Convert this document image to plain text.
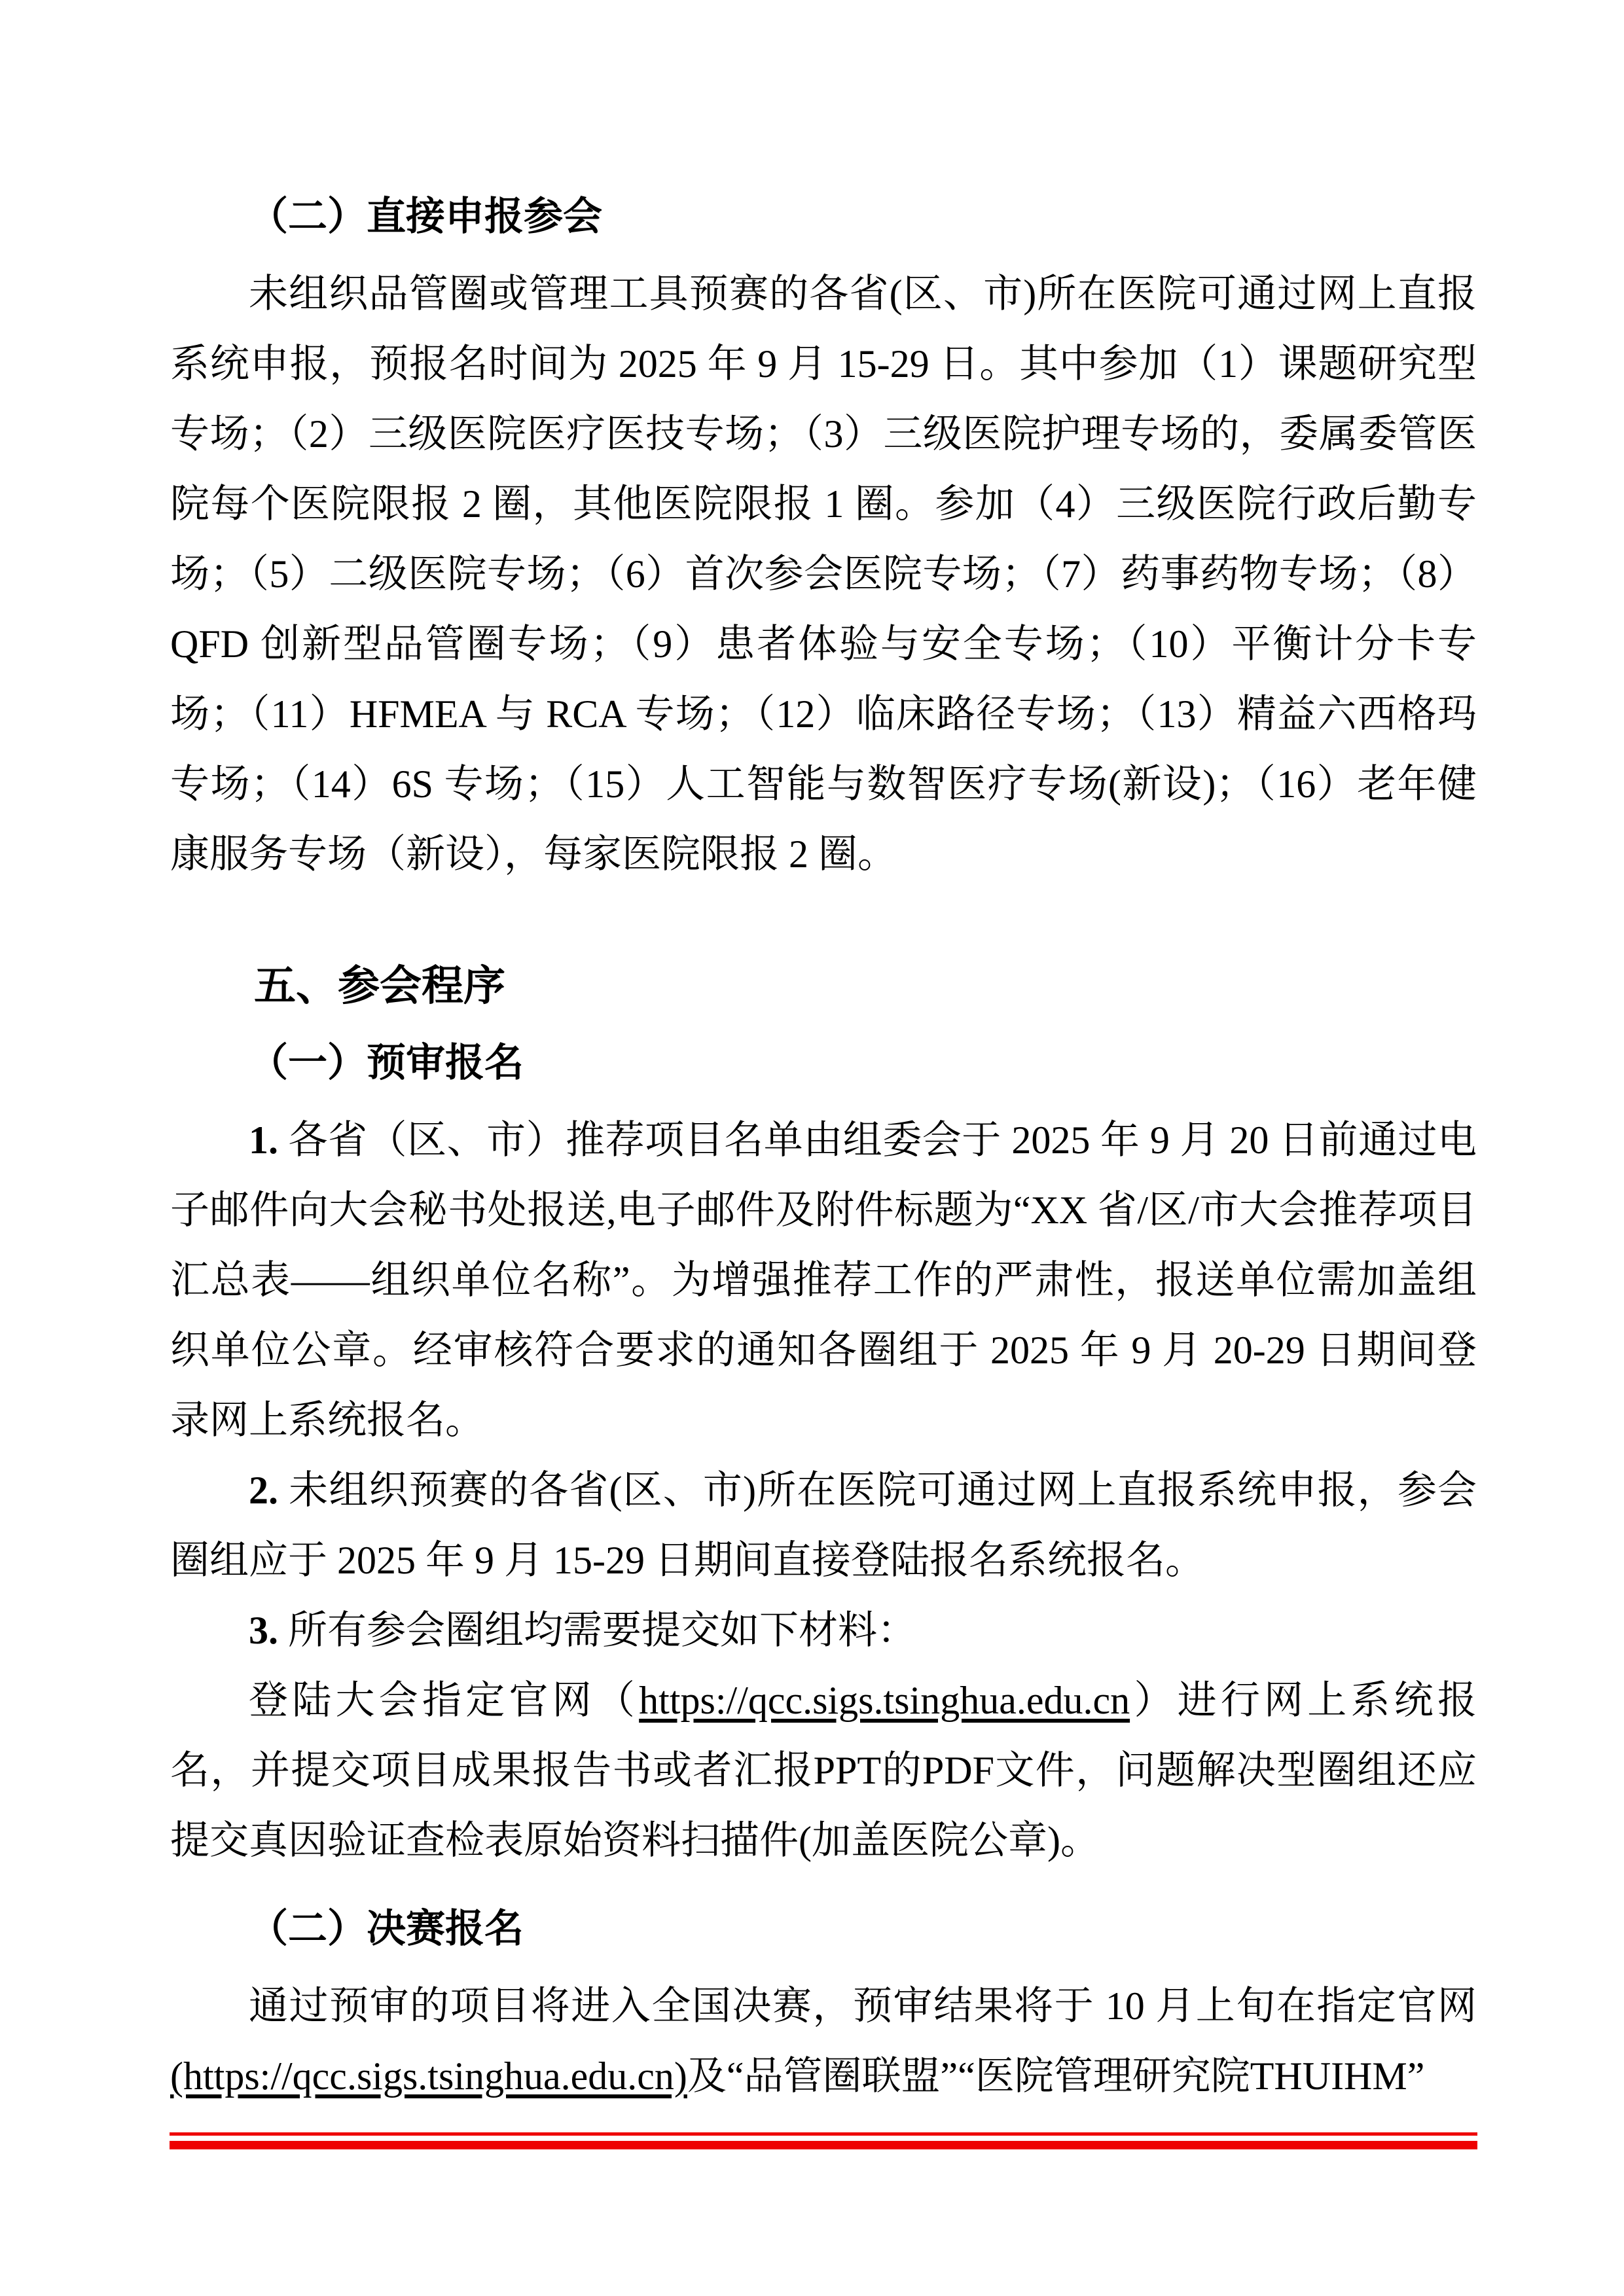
（二）直接申报参会

未组织品管圈或管理工具预赛的各省(区、市)所在医院可通过网上直报系统申报，预报名时间为 2025 年 9 月 15-29 日。其中参加（1）课题研究型专场；（2）三级医院医疗医技专场；（3）三级医院护理专场的，委属委管医院每个医院限报 2 圈，其他医院限报 1 圈。参加（4）三级医院行政后勤专场；（5）二级医院专场；（6）首次参会医院专场；（7）药事药物专场；（8）QFD 创新型品管圈专场；（9）患者体验与安全专场；（10）平衡计分卡专场；（11）HFMEA 与 RCA 专场；（12）临床路径专场；（13）精益六西格玛专场；（14）6S 专场；（15）人工智能与数智医疗专场(新设)；（16）老年健康服务专场（新设），每家医院限报 2 圈。

五、参会程序
（一）预审报名

1. 各省（区、市）推荐项目名单由组委会于 2025 年 9 月 20 日前通过电子邮件向大会秘书处报送,电子邮件及附件标题为“XX 省/区/市大会推荐项目汇总表——组织单位名称”。为增强推荐工作的严肃性，报送单位需加盖组织单位公章。经审核符合要求的通知各圈组于 2025 年 9 月 20-29 日期间登录网上系统报名。

2. 未组织预赛的各省(区、市)所在医院可通过网上直报系统申报，参会圈组应于 2025 年 9 月 15-29 日期间直接登陆报名系统报名。

3. 所有参会圈组均需要提交如下材料：

登陆大会指定官网（https://qcc.sigs.tsinghua.edu.cn）进行网上系统报名，并提交项目成果报告书或者汇报PPT的PDF文件，问题解决型圈组还应提交真因验证查检表原始资料扫描件(加盖医院公章)。

（二）决赛报名

通过预审的项目将进入全国决赛，预审结果将于 10 月上旬在指定官网(https://qcc.sigs.tsinghua.edu.cn)及“品管圈联盟”“医院管理研究院THUIHM”
